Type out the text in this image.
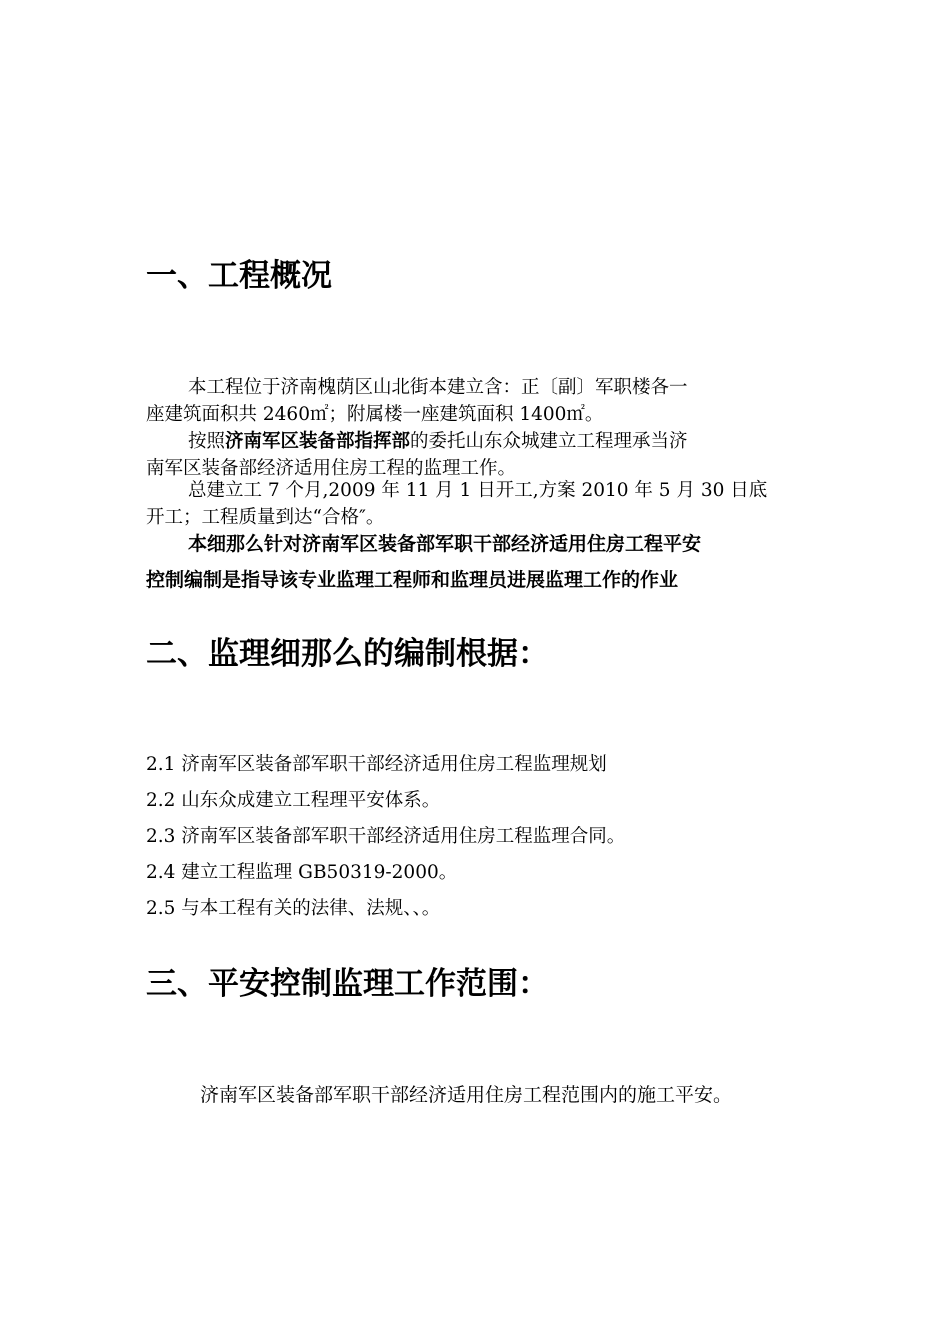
一、工程概况
本工程位于济南槐荫区山北街本建立含：正〔副〕军职楼各一
座建筑面积共 2460㎡；附属楼一座建筑面积 1400㎡。
按照济南军区装备部指挥部的委托山东众城建立工程理承当济
南军区装备部经济适用住房工程的监理工作。
总建立工 7 个月,2009 年 11 月 1 日开工,方案 2010 年 5 月 30 日底
开工；工程质量到达“合格″。
本细那么针对济南军区装备部军职干部经济适用住房工程平安
控制编制是指导该专业监理工程师和监理员进展监理工作的作业
二、监理细那么的编制根据：
2.1 济南军区装备部军职干部经济适用住房工程监理规划
2.2 山东众成建立工程理平安体系。
2.3 济南军区装备部军职干部经济适用住房工程监理合同。
2.4 建立工程监理 GB50319-2000。
2.5 与本工程有关的法律、法规、、。
三、平安控制监理工作范围：
济南军区装备部军职干部经济适用住房工程范围内的施工平安。
